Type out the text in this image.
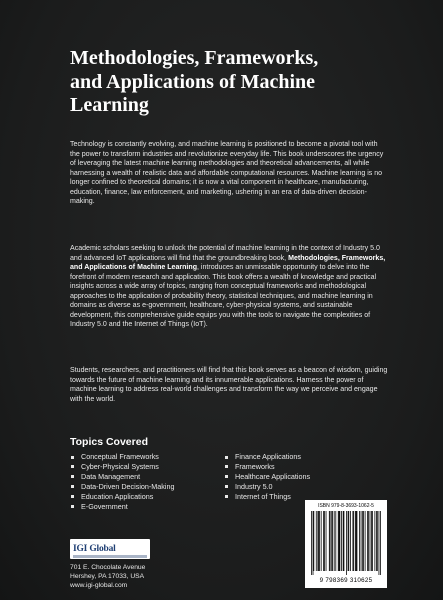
Methodologies, Frameworks,
and Applications of Machine
Learning

Technology is constantly evolving, and machine learning is positioned to become a pivotal tool with the power to transform industries and revolutionize everyday life. This book underscores the urgency of leveraging the latest machine learning methodologies and theoretical advancements, all while harnessing a wealth of realistic data and affordable computational resources. Machine learning is no longer confined to theoretical domains; it is now a vital component in healthcare, manufacturing, education, finance, law enforcement, and marketing, ushering in an era of data-driven decision-making.

Academic scholars seeking to unlock the potential of machine learning in the context of Industry 5.0 and advanced IoT applications will find that the groundbreaking book, Methodologies, Frameworks, and Applications of Machine Learning, introduces an unmissable opportunity to delve into the forefront of modern research and application. This book offers a wealth of knowledge and practical insights across a wide array of topics, ranging from conceptual frameworks and methodological approaches to the application of probability theory, statistical techniques, and machine learning in domains as diverse as e-government, healthcare, cyber-physical systems, and sustainable development, this comprehensive guide equips you with the tools to navigate the complexities of Industry 5.0 and the Internet of Things (IoT).

Students, researchers, and practitioners will find that this book serves as a beacon of wisdom, guiding towards the future of machine learning and its innumerable applications. Harness the power of machine learning to address real-world challenges and transform the way we perceive and engage with the world.

Topics Covered
Conceptual Frameworks
Cyber-Physical Systems
Data Management
Data-Driven Decision-Making
Education Applications
E-Government
Finance Applications
Frameworks
Healthcare Applications
Industry 5.0
Internet of Things
IGI Global
701 E. Chocolate Avenue
Hershey, PA 17033, USA
www.igi-global.com
ISBN 979-8-3693-1062-5
9 798369 310625
